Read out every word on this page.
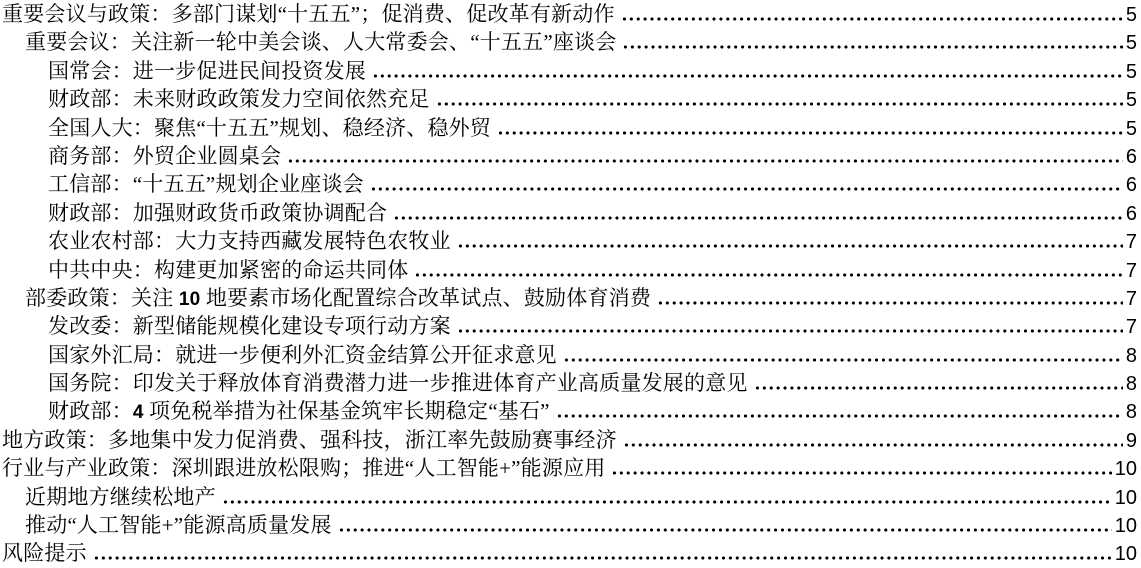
重要会议与政策：多部门谋划“十五五”；促消费、促改革有新动作	5
重要会议：关注新一轮中美会谈、人大常委会、“十五五”座谈会	5
国常会：进一步促进民间投资发展	5
财政部：未来财政政策发力空间依然充足	5
全国人大：聚焦“十五五”规划、稳经济、稳外贸	5
商务部：外贸企业圆桌会	6
工信部：“十五五”规划企业座谈会	6
财政部：加强财政货币政策协调配合	6
农业农村部：大力支持西藏发展特色农牧业	7
中共中央：构建更加紧密的命运共同体	7
部委政策：关注 10 地要素市场化配置综合改革试点、鼓励体育消费	7
发改委：新型储能规模化建设专项行动方案	7
国家外汇局：就进一步便利外汇资金结算公开征求意见	8
国务院：印发关于释放体育消费潜力进一步推进体育产业高质量发展的意见	8
财政部：4 项免税举措为社保基金筑牢长期稳定“基石”	8
地方政策：多地集中发力促消费、强科技，浙江率先鼓励赛事经济	9
行业与产业政策：深圳跟进放松限购；推进“人工智能+”能源应用	10
近期地方继续松地产	10
推动“人工智能+”能源高质量发展	10
风险提示	10
